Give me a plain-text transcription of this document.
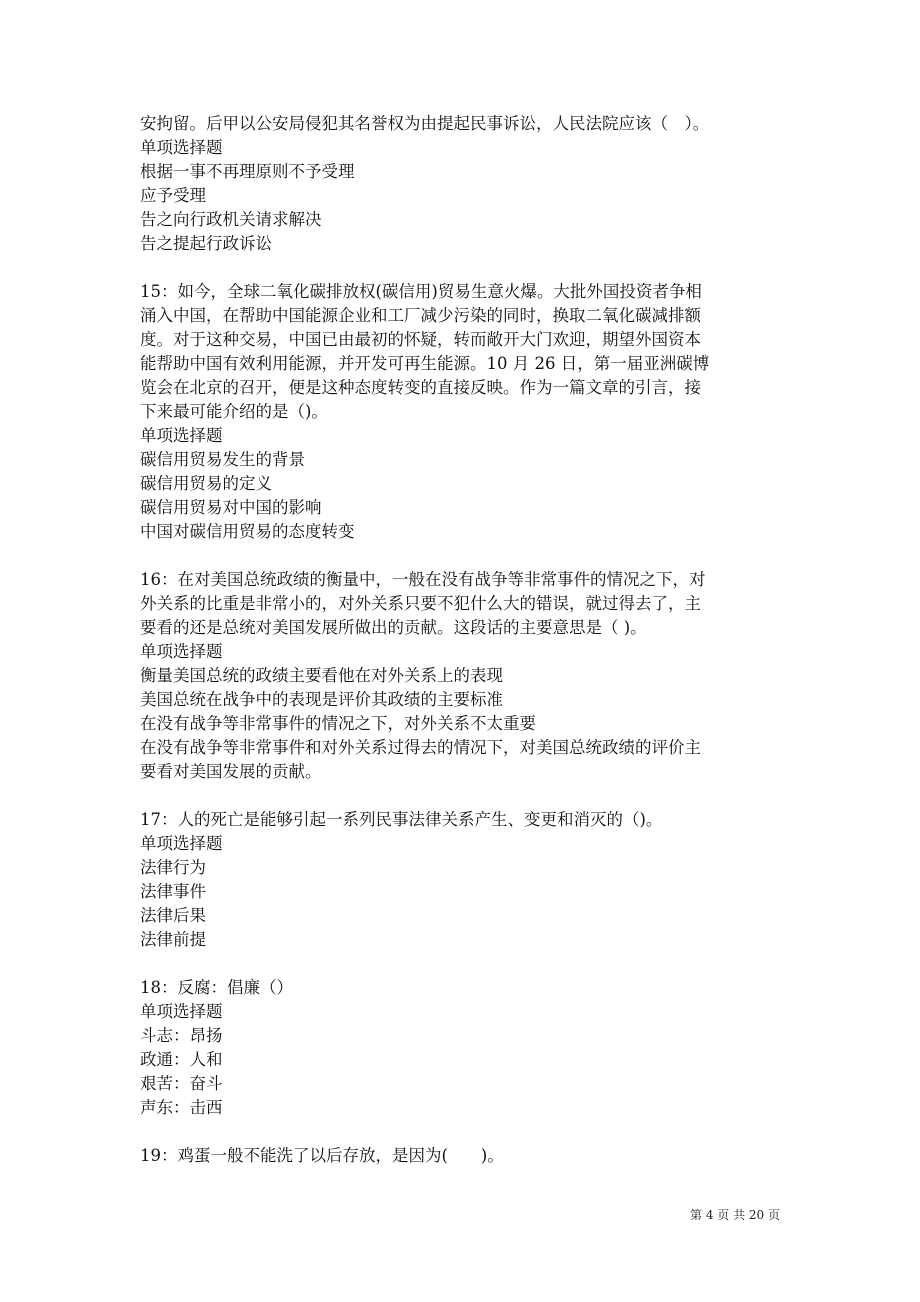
安拘留。后甲以公安局侵犯其名誉权为由提起民事诉讼，人民法院应该（　）。
单项选择题
根据一事不再理原则不予受理
应予受理
告之向行政机关请求解决
告之提起行政诉讼
15：如今，全球二氧化碳排放权(碳信用)贸易生意火爆。大批外国投资者争相
涌入中国，在帮助中国能源企业和工厂减少污染的同时，换取二氧化碳减排额
度。对于这种交易，中国已由最初的怀疑，转而敞开大门欢迎，期望外国资本
能帮助中国有效利用能源，并开发可再生能源。10 月 26 日，第一届亚洲碳博
览会在北京的召开，便是这种态度转变的直接反映。作为一篇文章的引言，接
下来最可能介绍的是（)。
单项选择题
碳信用贸易发生的背景
碳信用贸易的定义
碳信用贸易对中国的影响
中国对碳信用贸易的态度转变
16：在对美国总统政绩的衡量中，一般在没有战争等非常事件的情况之下，对
外关系的比重是非常小的，对外关系只要不犯什么大的错误，就过得去了，主
要看的还是总统对美国发展所做出的贡献。这段话的主要意思是（ )。
单项选择题
衡量美国总统的政绩主要看他在对外关系上的表现
美国总统在战争中的表现是评价其政绩的主要标准
在没有战争等非常事件的情况之下，对外关系不太重要
在没有战争等非常事件和对外关系过得去的情况下，对美国总统政绩的评价主
要看对美国发展的贡献。
17：人的死亡是能够引起一系列民事法律关系产生、变更和消灭的（)。
单项选择题
法律行为
法律事件
法律后果
法律前提
18：反腐：倡廉（）
单项选择题
斗志：昂扬
政通：人和
艰苦：奋斗
声东：击西
19：鸡蛋一般不能洗了以后存放，是因为(　　)。
第 4 页 共 20 页
